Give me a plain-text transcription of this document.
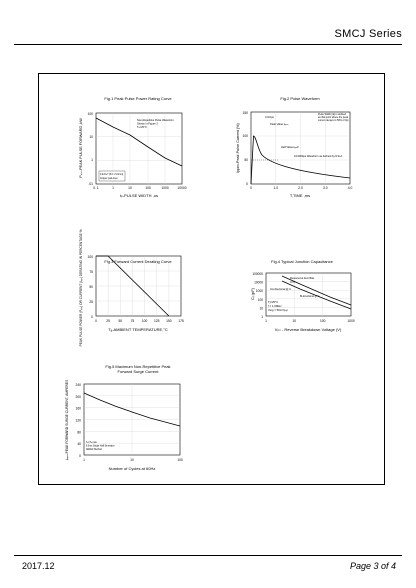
SMCJ Series
Fig.1 Peak Pulse Power Rating Curve
100
10
1
.01
0. 1	1	10	100	1000	10000
tₚ-PULSE WIDTH ,us
Pₚₚ–PEAK PULSE FORWARD ,kW	Non-Repetitive Pulse Waveform
Shown in Figure 2
Tₐ=25°C
0.2x0.2" (5.0 x 5.0mm)
Copper pad Area
Fig.2 Pulse Waveform
150
100
50
0
0	1.0	2.0	3.0	4.0
T,TIME ,ms
Ippm-Peak Pulse Current (%)
tr=10µs
Peak Value Iₚₚₘ
Half Value-Iₚₚ/2
10/1000µs Waveform as defined by R.E.A
Pulse Width (td) is defined
as that point where the peak
current decays to 50% of Ipp
Fig.3 Forward Current Derating Curve
100
75
50
25
0
0	25	50	75 100 125 150 175
Tₐ-AMBIENT TEMPERATURE,°C
PEAK PULSE POWER (Pₚₚ) OR CURRENT (Iₚₚ) DERATING IN PERCENTAGE %	Fig.4 Typical Junction Capacitance
100000
10000
1000
100
10
1
1	10	100	1000
Vᵣₘ - Reverse Breakdown Voltage (V)
Cⱼ (pF)
Measured at Zero Bias
Vᵣ=0
Uni-directional @ Vᵣ
Bi-directional @ Vᵣ
Tj=25°C
f = 1.0MHz
Vsig = 50mVp-p
Fig.5 Maximum Non-Repetitive Peak
Forward Surge Current
240
200
160
120
80
40
0
1	10	100
Number of Cycles at 60Hz
Iₚₚₘ-PEAK FORWARD SURGE CURRENT, AMPERES	Tₐ=Tₐ max
8.3ms Single Half Sinewave
JEDEC Method
2017.12	Page 3 of 4
